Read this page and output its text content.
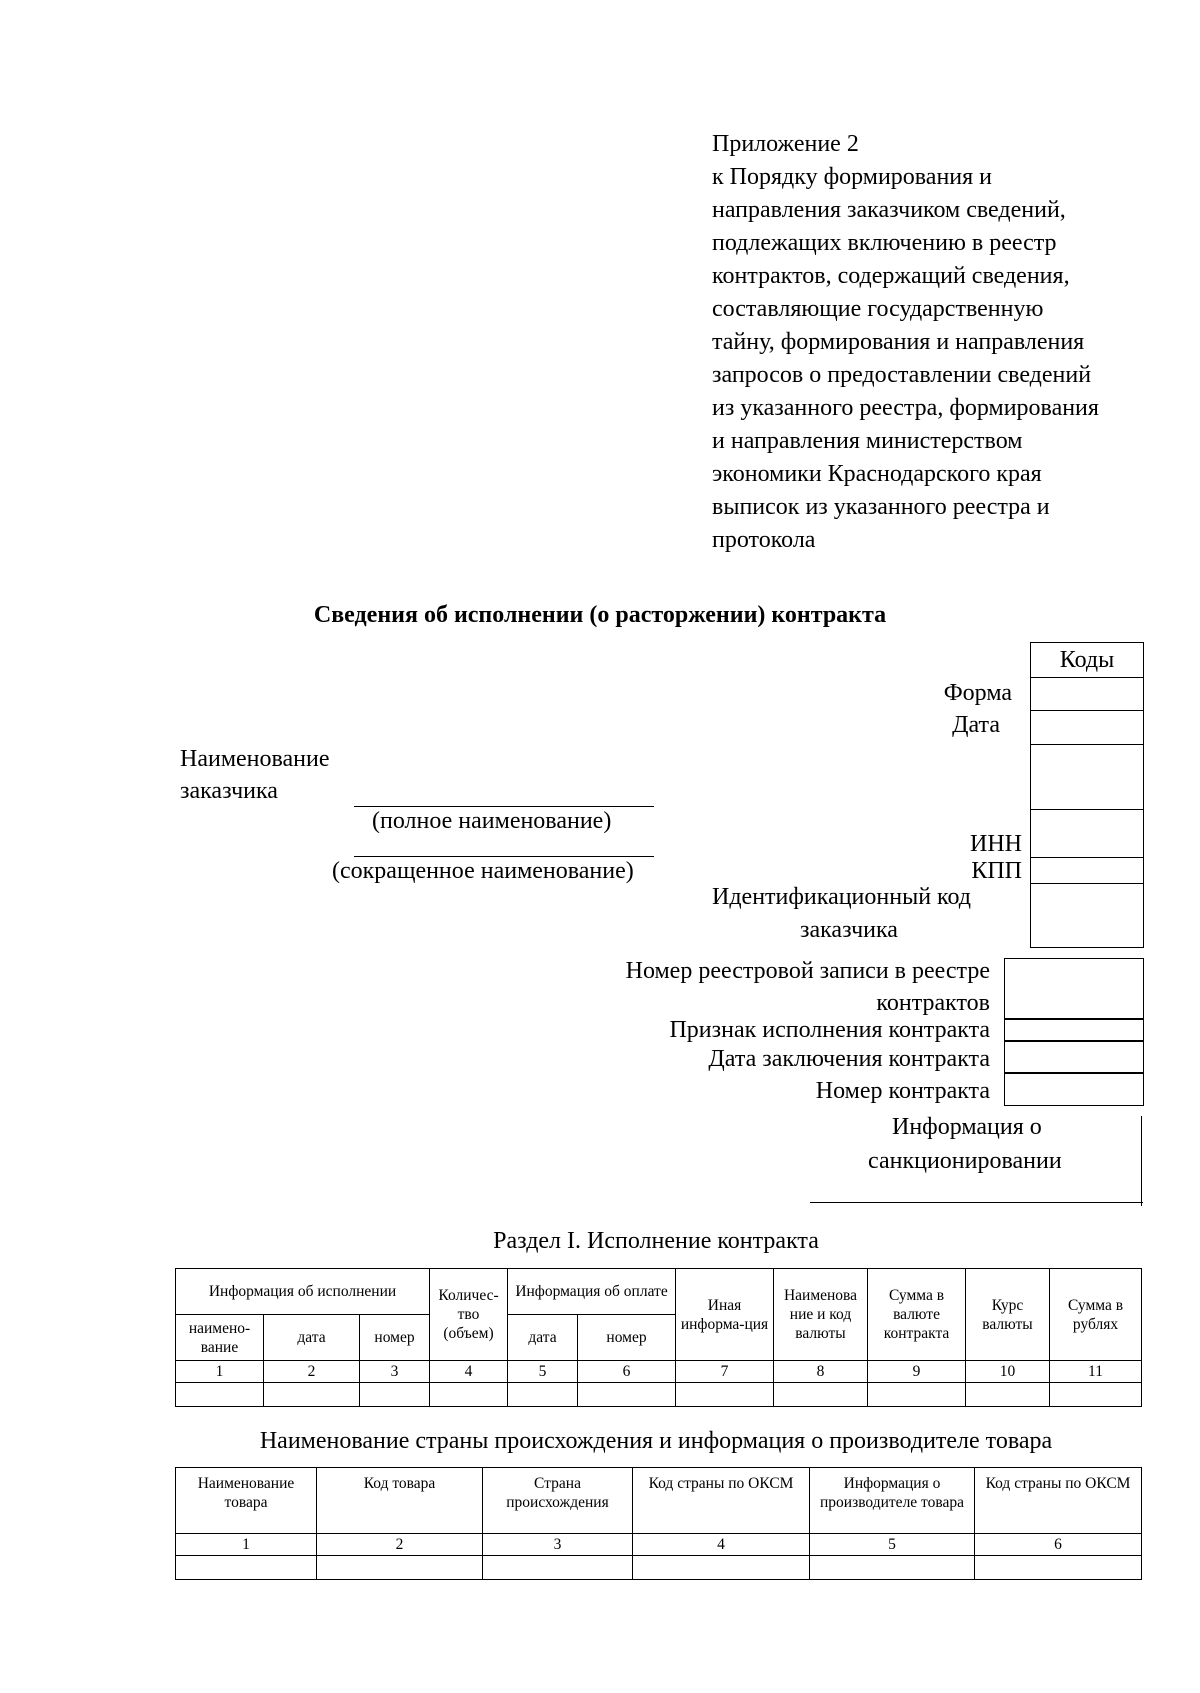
Приложение 2
к Порядку формирования и
направления заказчиком сведений,
подлежащих включению в реестр
контрактов, содержащий сведения,
составляющие государственную
тайну, формирования и направления
запросов о предоставлении сведений
из указанного реестра, формирования
и направления министерством
экономики Краснодарского края
выписок из указанного реестра и
протокола
Сведения об исполнении (о расторжении) контракта
Коды
Форма
Дата
ИНН
КПП
Идентификационный код
заказчика
Наименование
заказчика
(полное наименование)
(сокращенное наименование)
Номер реестровой записи в реестре
контрактов
Признак исполнения контракта
Дата заключения контракта
Номер контракта
Информация о
санкционировании
Раздел I. Исполнение контракта
Информация об исполнении			Количес-тво (объем)	Информация об оплате		Иная информа-ция	Наименова ние и код валюты	Сумма в валюте контракта	Курс валюты	Сумма в рублях
наимено-вание	дата	номер		дата	номер					
1	2	3	4	5	6	7	8	9	10	11

Наименование страны происхождения и информация о производителе товара
Наименование товара	Код товара	Страна происхождения	Код страны по ОКСМ	Информация о производителе товара	Код страны по ОКСМ
1	2	3	4	5	6
